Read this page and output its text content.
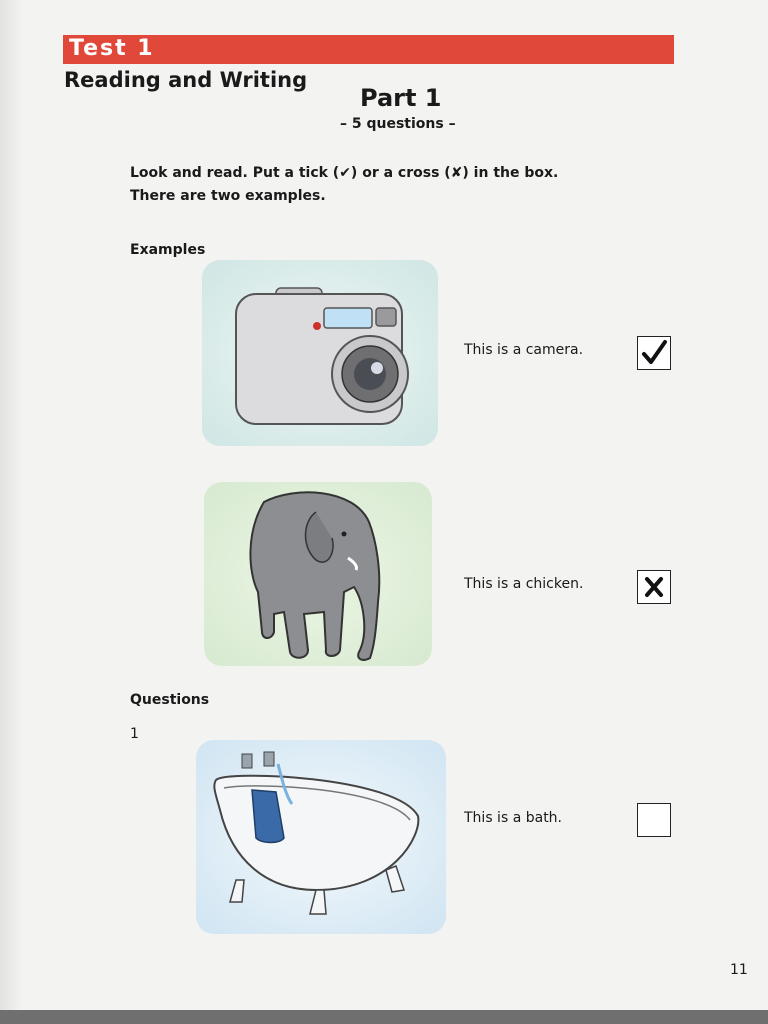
Test 1
Reading and Writing
Part 1
– 5 questions –
Look and read. Put a tick (✔) or a cross (✘) in the box.
There are two examples.
Examples
This is a camera.
This is a chicken.
Questions
1
This is a bath.
11
